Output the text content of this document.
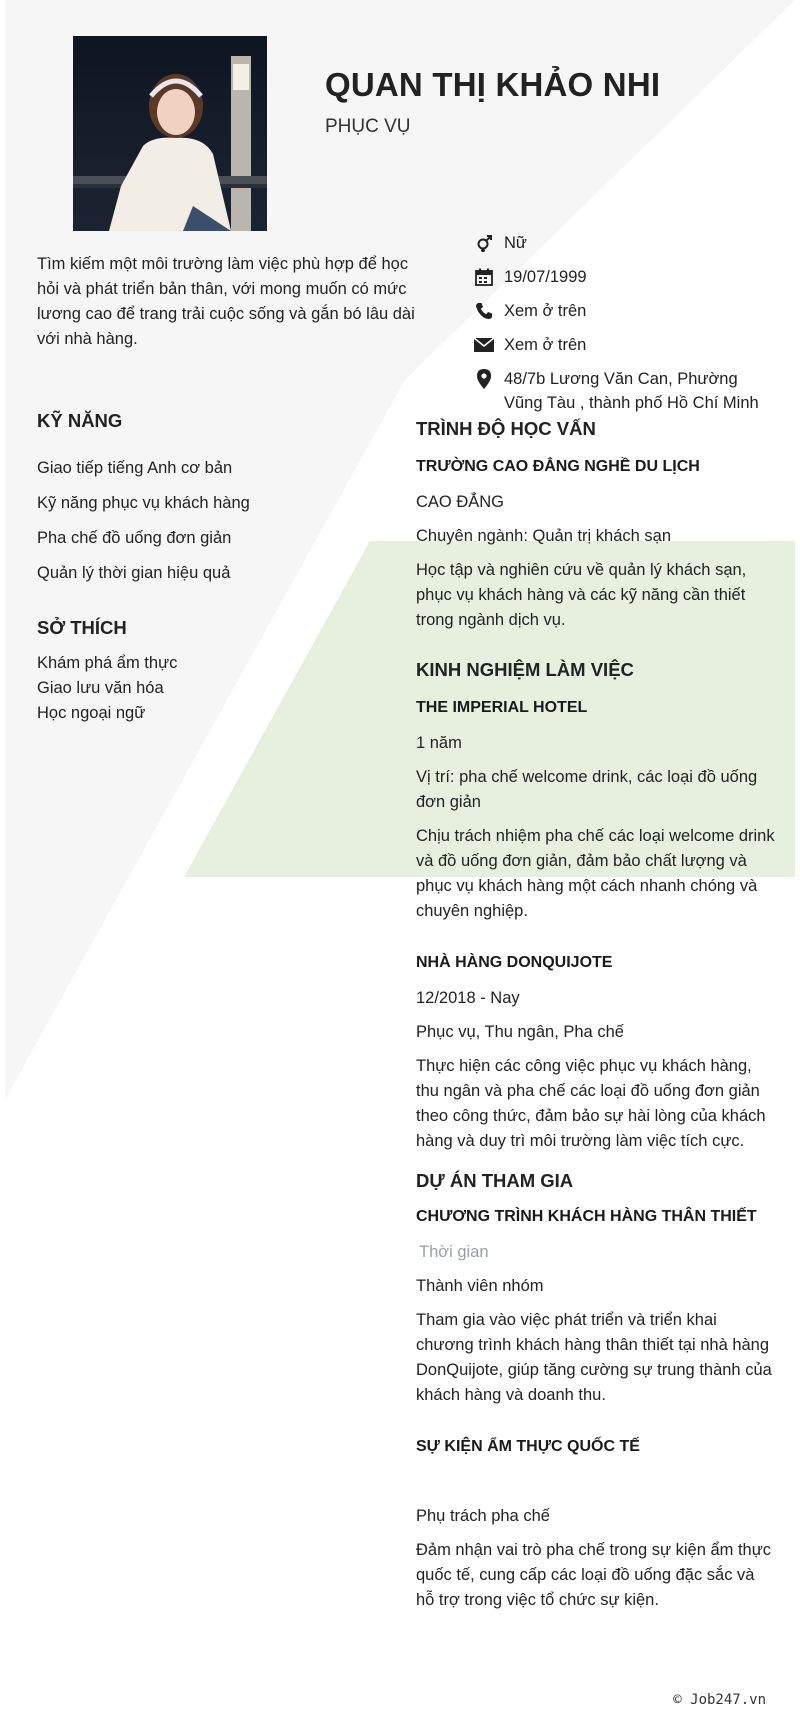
QUAN THỊ KHẢO NHI
PHỤC VỤ
Tìm kiếm một môi trường làm việc phù hợp để học hỏi và phát triển bản thân, với mong muốn có mức lương cao để trang trải cuộc sống và gắn bó lâu dài với nhà hàng.
Nữ
19/07/1999
Xem ở trên
Xem ở trên
48/7b Lương Văn Can, Phường Vũng Tàu , thành phố Hồ Chí Minh
KỸ NĂNG
Giao tiếp tiếng Anh cơ bản
Kỹ năng phục vụ khách hàng
Pha chế đồ uống đơn giản
Quản lý thời gian hiệu quả
SỞ THÍCH
Khám phá ẩm thực
Giao lưu văn hóa
Học ngoại ngữ
TRÌNH ĐỘ HỌC VẤN
TRƯỜNG CAO ĐẲNG NGHỀ DU LỊCH
CAO ĐẲNG
Chuyên ngành: Quản trị khách sạn
Học tập và nghiên cứu về quản lý khách sạn, phục vụ khách hàng và các kỹ năng cần thiết trong ngành dịch vụ.
KINH NGHIỆM LÀM VIỆC
THE IMPERIAL HOTEL
1 năm
Vị trí: pha chế welcome drink, các loại đồ uống đơn giản
Chịu trách nhiệm pha chế các loại welcome drink và đồ uống đơn giản, đảm bảo chất lượng và phục vụ khách hàng một cách nhanh chóng và chuyên nghiệp.
NHÀ HÀNG DONQUIJOTE
12/2018 - Nay
Phục vụ, Thu ngân, Pha chế
Thực hiện các công việc phục vụ khách hàng, thu ngân và pha chế các loại đồ uống đơn giản theo công thức, đảm bảo sự hài lòng của khách hàng và duy trì môi trường làm việc tích cực.
DỰ ÁN THAM GIA
CHƯƠNG TRÌNH KHÁCH HÀNG THÂN THIẾT
Thời gian
Thành viên nhóm
Tham gia vào việc phát triển và triển khai chương trình khách hàng thân thiết tại nhà hàng DonQuijote, giúp tăng cường sự trung thành của khách hàng và doanh thu.
SỰ KIỆN ẨM THỰC QUỐC TẾ
Phụ trách pha chế
Đảm nhận vai trò pha chế trong sự kiện ẩm thực quốc tế, cung cấp các loại đồ uống đặc sắc và hỗ trợ trong việc tổ chức sự kiện.
© Job247.vn
